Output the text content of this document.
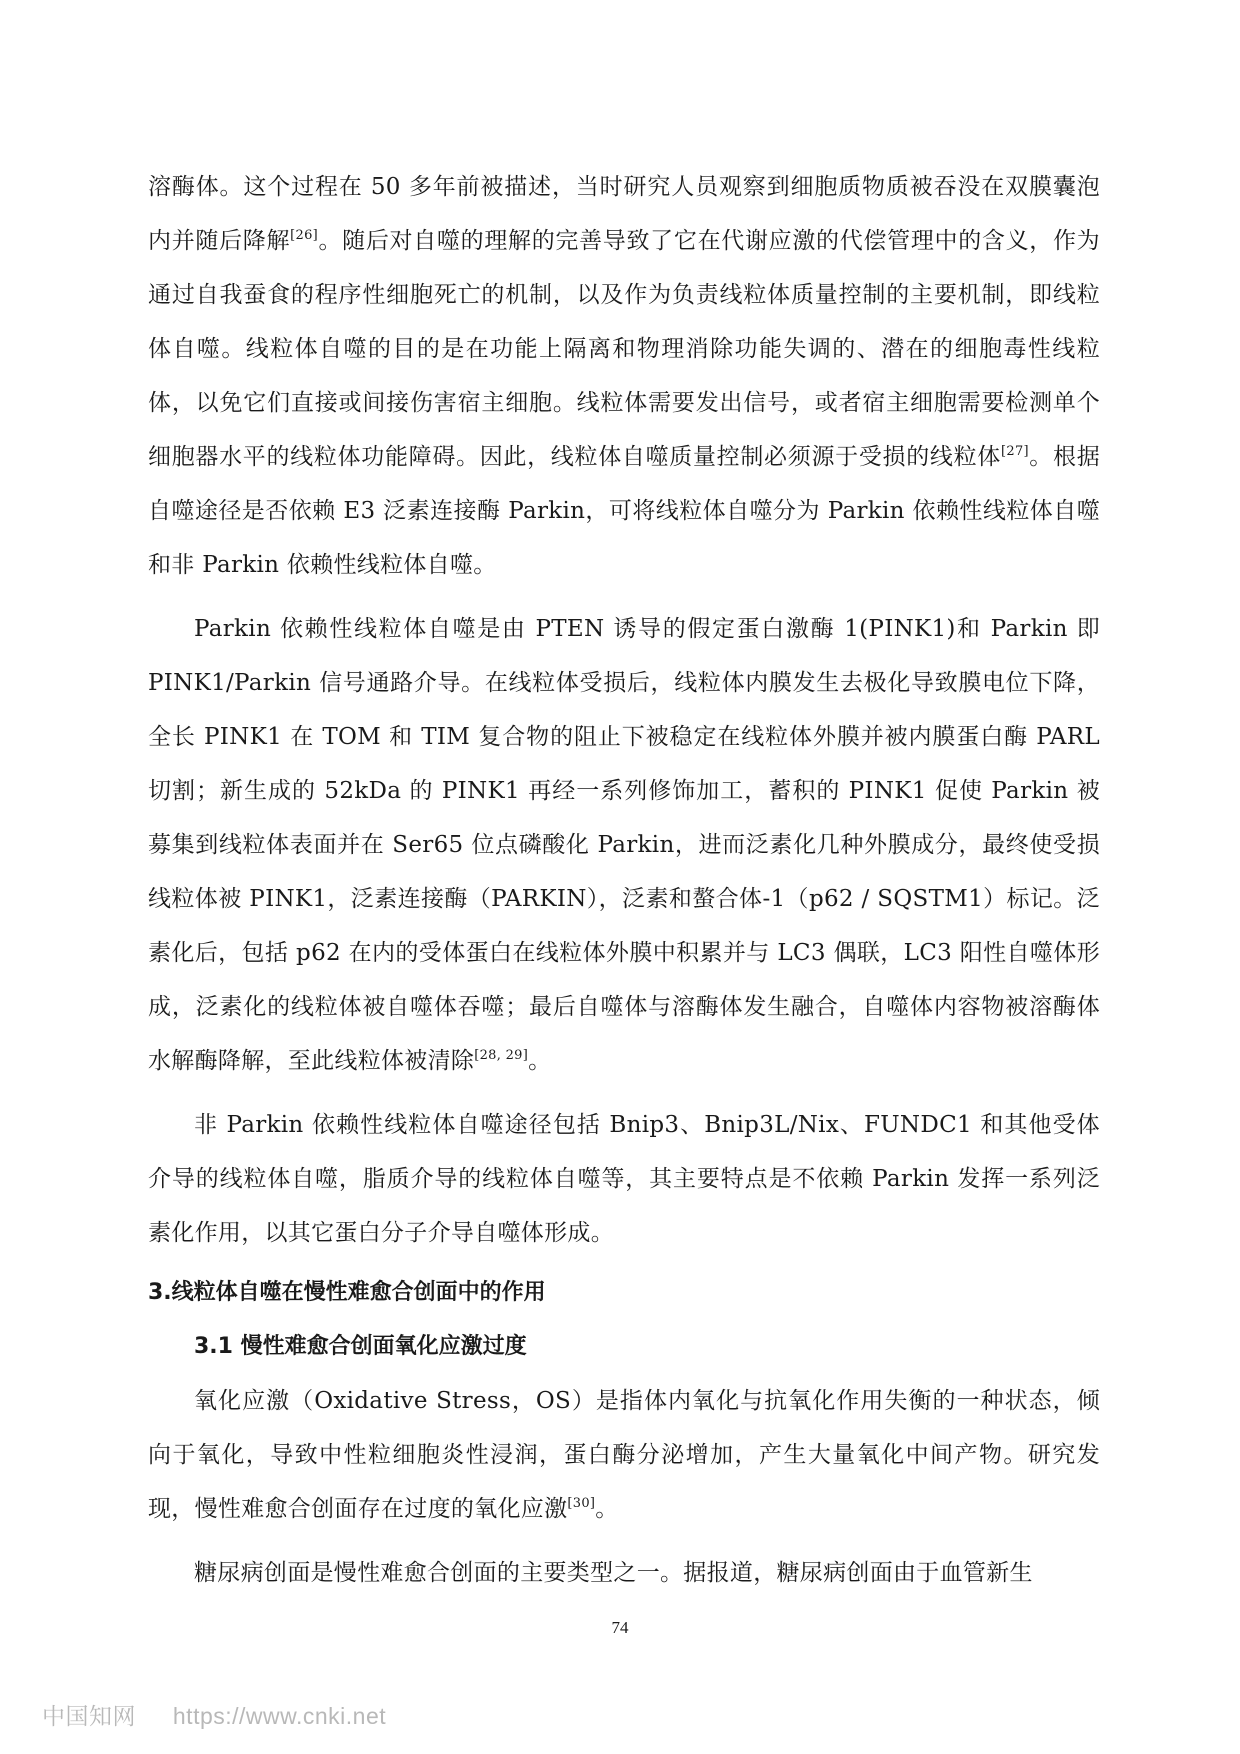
溶酶体。这个过程在 50 多年前被描述，当时研究人员观察到细胞质物质被吞没在双膜囊泡内并随后降解[26]。随后对自噬的理解的完善导致了它在代谢应激的代偿管理中的含义，作为通过自我蚕食的程序性细胞死亡的机制，以及作为负责线粒体质量控制的主要机制，即线粒体自噬。线粒体自噬的目的是在功能上隔离和物理消除功能失调的、潜在的细胞毒性线粒体，以免它们直接或间接伤害宿主细胞。线粒体需要发出信号，或者宿主细胞需要检测单个细胞器水平的线粒体功能障碍。因此，线粒体自噬质量控制必须源于受损的线粒体[27]。根据自噬途径是否依赖 E3 泛素连接酶 Parkin，可将线粒体自噬分为 Parkin 依赖性线粒体自噬和非 Parkin 依赖性线粒体自噬。

Parkin 依赖性线粒体自噬是由 PTEN 诱导的假定蛋白激酶 1(PINK1)和 Parkin 即 PINK1/Parkin 信号通路介导。在线粒体受损后，线粒体内膜发生去极化导致膜电位下降，全长 PINK1 在 TOM 和 TIM 复合物的阻止下被稳定在线粒体外膜并被内膜蛋白酶 PARL 切割；新生成的 52kDa 的 PINK1 再经一系列修饰加工，蓄积的 PINK1 促使 Parkin 被募集到线粒体表面并在 Ser65 位点磷酸化 Parkin，进而泛素化几种外膜成分，最终使受损线粒体被 PINK1，泛素连接酶（PARKIN），泛素和螯合体-1（p62 / SQSTM1）标记。泛素化后，包括 p62 在内的受体蛋白在线粒体外膜中积累并与 LC3 偶联，LC3 阳性自噬体形成，泛素化的线粒体被自噬体吞噬；最后自噬体与溶酶体发生融合，自噬体内容物被溶酶体水解酶降解，至此线粒体被清除[28, 29]。

非 Parkin 依赖性线粒体自噬途径包括 Bnip3、Bnip3L/Nix、FUNDC1 和其他受体介导的线粒体自噬，脂质介导的线粒体自噬等，其主要特点是不依赖 Parkin 发挥一系列泛素化作用，以其它蛋白分子介导自噬体形成。

3.线粒体自噬在慢性难愈合创面中的作用
3.1 慢性难愈合创面氧化应激过度

氧化应激（Oxidative Stress，OS）是指体内氧化与抗氧化作用失衡的一种状态，倾向于氧化，导致中性粒细胞炎性浸润，蛋白酶分泌增加，产生大量氧化中间产物。研究发现，慢性难愈合创面存在过度的氧化应激[30]。

糖尿病创面是慢性难愈合创面的主要类型之一。据报道，糖尿病创面由于血管新生

74
中国知网 https://www.cnki.net
